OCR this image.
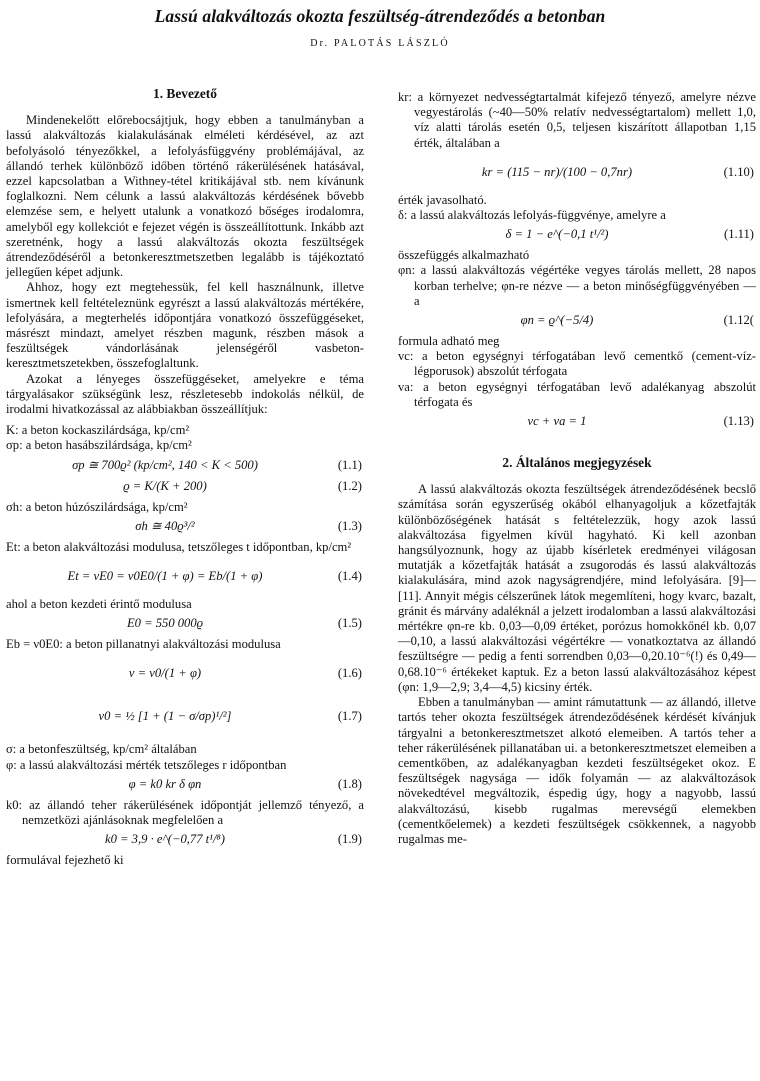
Lassú alakváltozás okozta feszültség-átrendeződés a betonban
Dr. PALOTÁS LÁSZLÓ
1. Bevezető

Mindenekelőtt előrebocsájtjuk, hogy ebben a tanulmányban a lassú alakváltozás kialakulásának elméleti kérdésével, az azt befolyásoló tényezőkkel, a lefolyásfüggvény problémájával, az állandó terhek különböző időben történő rákerülésének hatásával, ezzel kapcsolatban a Withney-tétel kritikájával stb. nem kívánunk foglalkozni. Nem célunk a lassú alakváltozás kérdésének bővebb elemzése sem, e helyett utalunk a vonatkozó bőséges irodalomra, amelyből egy kollekciót e fejezet végén is összeállítottunk. Inkább azt szeretnénk, hogy a lassú alakváltozás okozta feszültségek átrendeződéséről a betonkeresztmetszetben legalább is tájékoztató jellegűen képet adjunk.

Ahhoz, hogy ezt megtehessük, fel kell használnunk, illetve ismertnek kell feltételeznünk egyrészt a lassú alakváltozás mértékére, lefolyására, a megterhelés időpontjára vonatkozó összefüggéseket, másrészt mindazt, amelyet részben magunk, részben mások a feszültségek vándorlásának jelenségéről vasbeton-keresztmetszetekben, összefoglaltunk.

Azokat a lényeges összefüggéseket, amelyekre e téma tárgyalásakor szükségünk lesz, részletesebb indokolás nélkül, de irodalmi hivatkozással az alábbiakban összeállítjuk:

K: a beton kockaszilárdsága, kp/cm²

σp: a beton hasábszilárdsága, kp/cm²

σp ≅ 700ϱ² (kp/cm², 140 < K < 500)	(1.1)
ϱ = K/(K + 200)	(1.2)

σh: a beton húzószilárdsága, kp/cm²

σh ≅ 40ϱ³/²	(1.3)

Et: a beton alakváltozási modulusa, tetszőleges t időpontban, kp/cm²

Et = νE0 = ν0E0/(1 + φ) = Eb/(1 + φ)	(1.4)

ahol a beton kezdeti érintő modulusa

E0 = 550 000ϱ	(1.5)

Eb = ν0E0: a beton pillanatnyi alakváltozási modulusa

ν = ν0/(1 + φ)	(1.6)
ν0 = ½ [1 + (1 − σ/σp)¹/²]	(1.7)

σ: a betonfeszültség, kp/cm² általában

φ: a lassú alakváltozási mérték tetszőleges r időpontban

φ = k0 kr δ φn	(1.8)

k0: az állandó teher rákerülésének időpontját jellemző tényező, a nemzetközi ajánlásoknak megfelelően a

k0 = 3,9 · e^(−0,77 t¹/⁸)	(1.9)

formulával fejezhető ki

kr: a környezet nedvességtartalmát kifejező tényező, amelyre nézve vegyestárolás (~40—50% relatív nedvességtartalom) mellett 1,0, víz alatti tárolás esetén 0,5, teljesen kiszárított állapotban 1,15 érték, általában a

kr = (115 − nr)/(100 − 0,7nr)	(1.10)

érték javasolható.

δ: a lassú alakváltozás lefolyás-függvénye, amelyre a

δ = 1 − e^(−0,1 t¹/²)	(1.11)

összefüggés alkalmazható

φn: a lassú alakváltozás végértéke vegyes tárolás mellett, 28 napos korban terhelve; φn-re nézve — a beton minőségfüggvényében — a

φn = ϱ^(−5/4)	(1.12(

formula adható meg

vc: a beton egységnyi térfogatában levő cementkő (cement-víz-légporusok) abszolút térfogata

va: a beton egységnyi térfogatában levő adalékanyag abszolút térfogata és

vc + va = 1	(1.13)
2. Általános megjegyzések

A lassú alakváltozás okozta feszültségek átrendeződésének becslő számítása során egyszerűség okából elhanyagoljuk a kőzetfajták különbözőségének hatását s feltételezzük, hogy azok lassú alakváltozása figyelmen kívül hagyható. Ki kell azonban hangsúlyoznunk, hogy az újabb kísérletek eredményei világosan mutatják a kőzetfajták hatását a zsugorodás és lassú alakváltozás kialakulására, mind azok nagyságrendjére, mind lefolyására. [9]—[11]. Annyit mégis célszerűnek látok megemlíteni, hogy kvarc, bazalt, gránit és márvány adaléknál a jelzett irodalomban a lassú alakváltozási mértékre φn-re kb. 0,03—0,09 értéket, porózus homokkőnél kb. 0,07—0,10, a lassú alakváltozási végértékre — vonatkoztatva az állandó feszültségre — pedig a fenti sorrendben 0,03—0,20.10⁻⁶(!) és 0,49—0,68.10⁻⁶ értékeket kaptuk. Ez a beton lassú alakváltozásához képest (φn: 1,9—2,9; 3,4—4,5) kicsiny érték.

Ebben a tanulmányban — amint rámutattunk — az állandó, illetve tartós teher okozta feszültségek átrendeződésének kérdését kívánjuk tárgyalni a betonkeresztmetszet alkotó elemeiben. A tartós teher a teher rákerülésének pillanatában ui. a betonkeresztmetszet elemeiben a cementkőben, az adalékanyagban kezdeti feszültségeket okoz. E feszültségek nagysága — idők folyamán — az alakváltozások növekedtével megváltozik, éspedig úgy, hogy a nagyobb, lassú alakváltozású, kisebb rugalmas merevségű elemekben (cementkőelemek) a kezdeti feszültségek csökkennek, a nagyobb rugalmas me-
